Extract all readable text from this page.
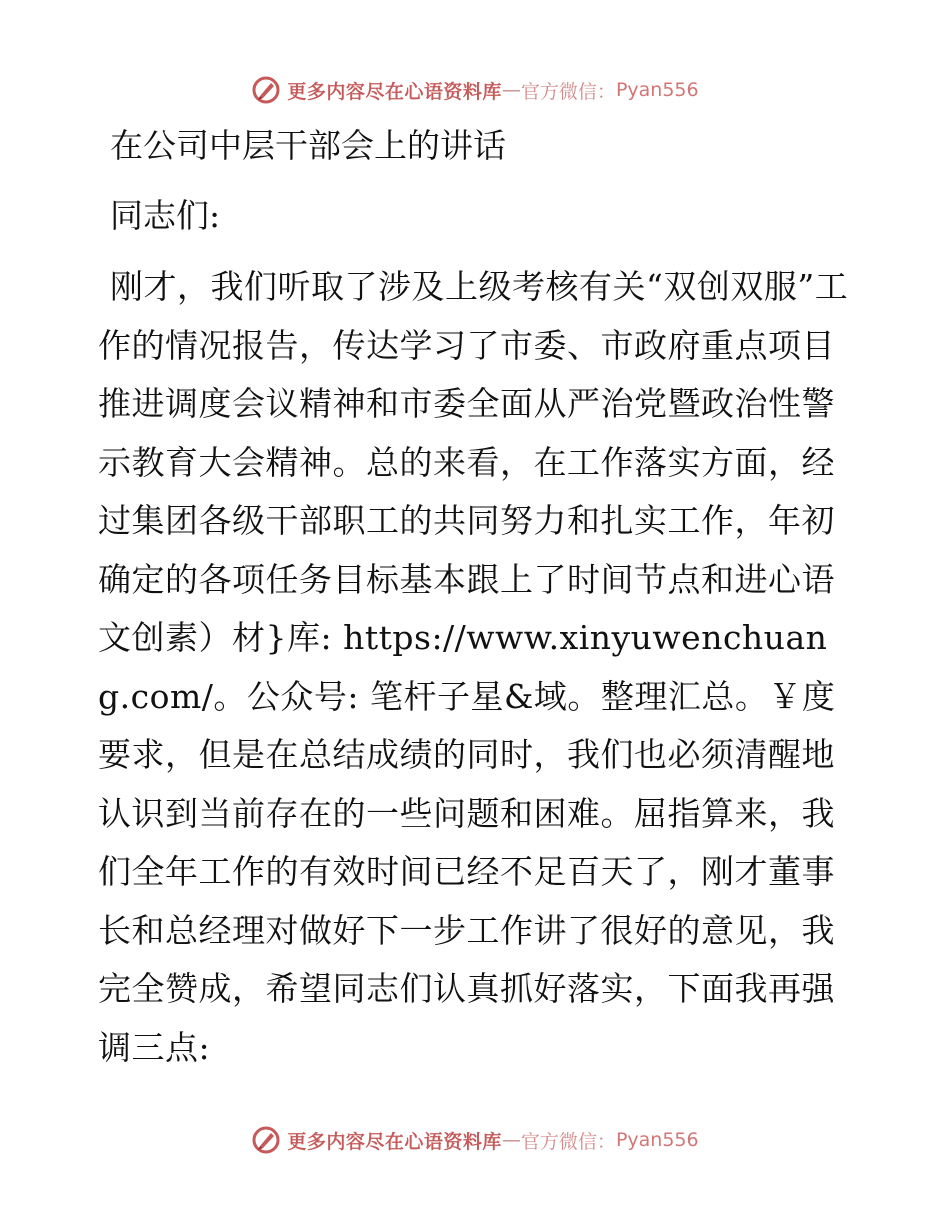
更多内容尽在心语资料库 — 官方微信： Pyan556
在公司中层干部会上的讲话
同志们:

刚才，我们听取了涉及上级考核有关“双创双服”工作的情况报告，传达学习了市委、市政府重点项目推进调度会议精神和市委全面从严治党暨政治性警示教育大会精神。总的来看，在工作落实方面，经过集团各级干部职工的共同努力和扎实工作，年初确定的各项任务目标基本跟上了时间节点和进心语文创素）材}库: https://www.xinyuwenchuang.com/。公众号: 笔杆子星&域。整理汇总。￥度要求，但是在总结成绩的同时，我们也必须清醒地认识到当前存在的一些问题和困难。屈指算来，我们全年工作的有效时间已经不足百天了，刚才董事长和总经理对做好下一步工作讲了很好的意见，我完全赞成，希望同志们认真抓好落实，下面我再强调三点:

更多内容尽在心语资料库 — 官方微信： Pyan556
